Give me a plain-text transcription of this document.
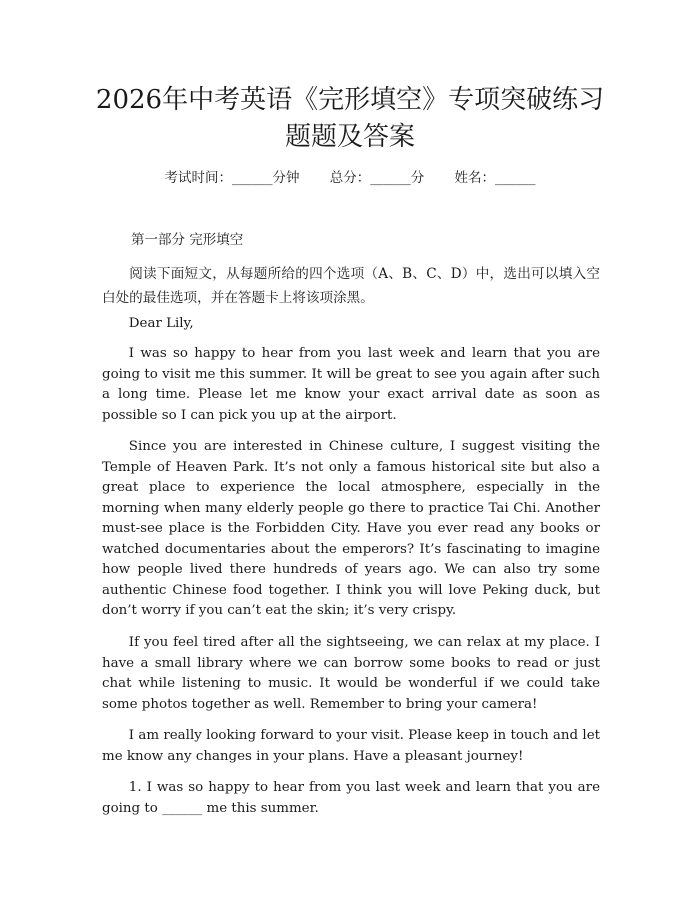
2026年中考英语《完形填空》专项突破练习
题题及答案
考试时间：______分钟 总分：______分 姓名：______
第一部分 完形填空

阅读下面短文，从每题所给的四个选项（A、B、C、D）中，选出可以填入空白处的最佳选项，并在答题卡上将该项涂黑。

Dear Lily,

I was so happy to hear from you last week and learn that you are going to visit me this summer. It will be great to see you again after such a long time. Please let me know your exact arrival date as soon as possible so I can pick you up at the airport.

Since you are interested in Chinese culture, I suggest visiting the Temple of Heaven Park. It’s not only a famous historical site but also a great place to experience the local atmosphere, especially in the morning when many elderly people go there to practice Tai Chi. Another must-see place is the Forbidden City. Have you ever read any books or watched documentaries about the emperors? It’s fascinating to imagine how people lived there hundreds of years ago. We can also try some authentic Chinese food together. I think you will love Peking duck, but don’t worry if you can’t eat the skin; it’s very crispy.

If you feel tired after all the sightseeing, we can relax at my place. I have a small library where we can borrow some books to read or just chat while listening to music. It would be wonderful if we could take some photos together as well. Remember to bring your camera!

I am really looking forward to your visit. Please keep in touch and let me know any changes in your plans. Have a pleasant journey!

1. I was so happy to hear from you last week and learn that you are going to ______ me this summer.
